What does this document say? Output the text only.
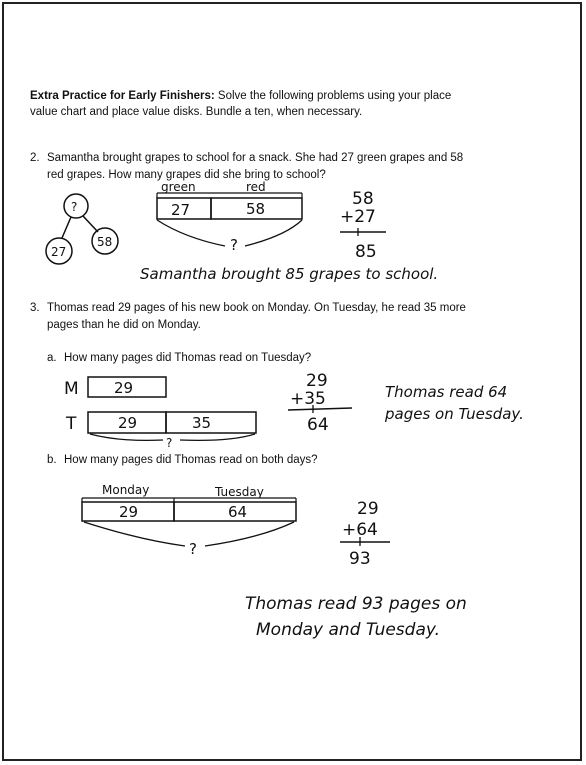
Extra Practice for Early Finishers: Solve the following problems using your place
value chart and place value disks. Bundle a ten, when necessary.
2. Samantha brought grapes to school for a snack. She had 27 green grapes and 58
red grapes. How many grapes did she bring to school?
?
27
58
green	red
27	58
?
58
+27
85
Samantha brought 85 grapes to school.
3. Thomas read 29 pages of his new book on Monday. On Tuesday, he read 35 more
pages than he did on Monday.
a. How many pages did Thomas read on Tuesday?
M 29
T	29	35
?
29
+35
64
Thomas read 64
pages on Tuesday.
b. How many pages did Thomas read on both days?
Monday	Tuesday
29	64
?
29
+64
93
Thomas read 93 pages on
Monday and Tuesday.
